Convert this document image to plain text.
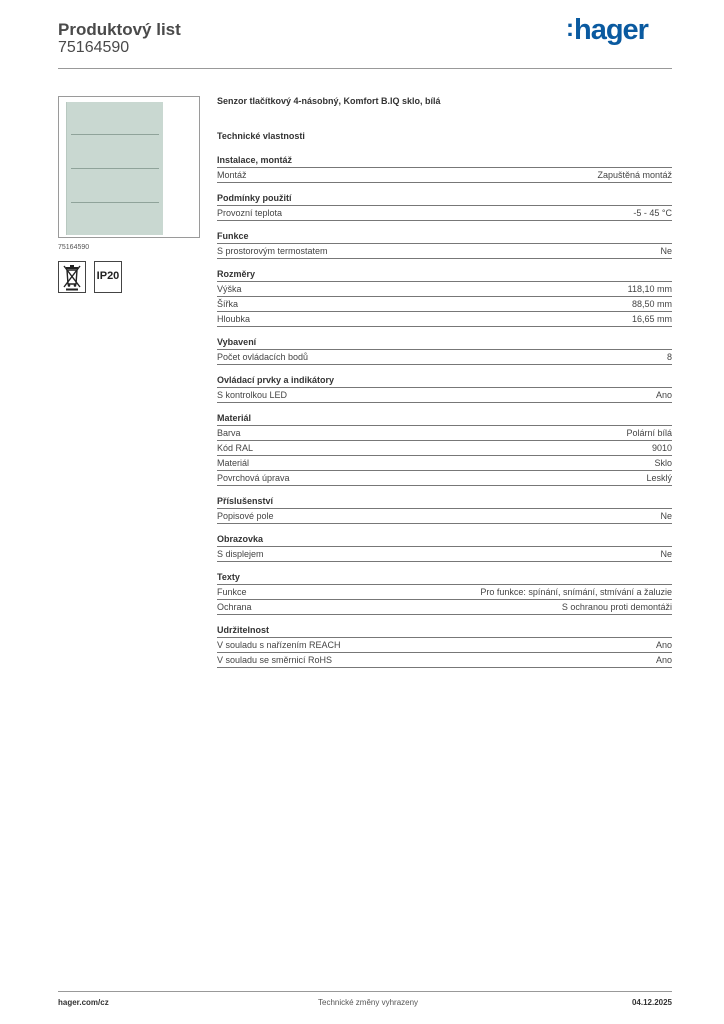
Produktový list
75164590
:hager
75164590
IP20
Senzor tlačítkový 4-násobný, Komfort B.IQ sklo, bílá
Technické vlastnosti
Instalace, montáž
Montáž	Zapuštěná montáž
Podmínky použití
Provozní teplota	-5 - 45 °C
Funkce
S prostorovým termostatem	Ne
Rozměry
Výška	118,10 mm
Šířka	88,50 mm
Hloubka	16,65 mm
Vybavení
Počet ovládacích bodů	8
Ovládací prvky a indikátory
S kontrolkou LED	Ano
Materiál
Barva	Polární bílá
Kód RAL	9010
Materiál	Sklo
Povrchová úprava	Lesklý
Příslušenství
Popisové pole	Ne
Obrazovka
S displejem	Ne
Texty
Funkce	Pro funkce: spínání, snímání, stmívání a žaluzie
Ochrana	S ochranou proti demontáži
Udržitelnost
V souladu s nařízením REACH	Ano
V souladu se směrnicí RoHS	Ano
hager.com/cz	Technické změny vyhrazeny	04.12.2025
